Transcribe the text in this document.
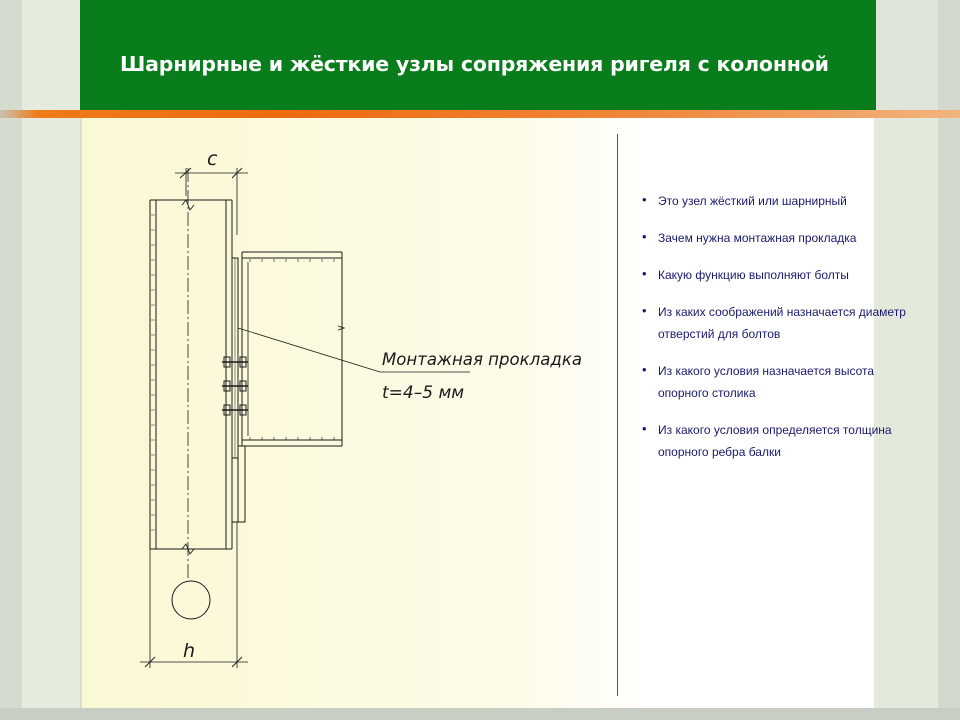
Шарнирные и жёсткие узлы сопряжения ригеля с колонной
c
h
Монтажная прокладка
t=4–5 мм
• Это узел жёсткий или шарнирный
• Зачем нужна монтажная прокладка
• Какую функцию выполняют болты
• Из каких соображений назначается диаметр отверстий для болтов
• Из какого условия назначается высота опорного столика
• Из какого условия определяется толщина опорного ребра балки
